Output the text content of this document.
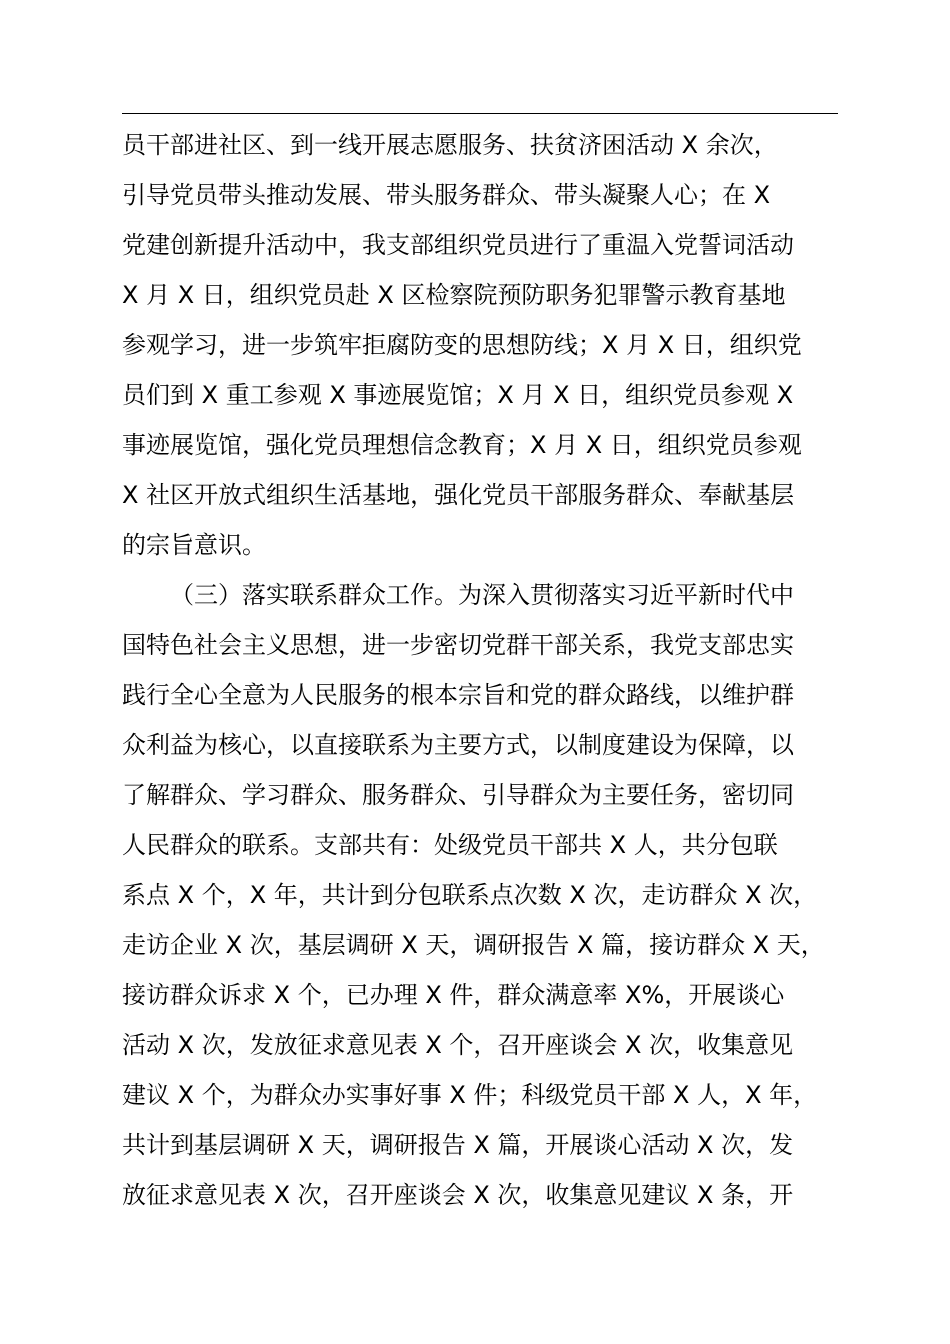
员干部进社区、到一线开展志愿服务、扶贫济困活动 X 余次，
引导党员带头推动发展、带头服务群众、带头凝聚人心；在 X
党建创新提升活动中，我支部组织党员进行了重温入党誓词活动
X 月 X 日，组织党员赴 X 区检察院预防职务犯罪警示教育基地
参观学习，进一步筑牢拒腐防变的思想防线；X 月 X 日，组织党
员们到 X 重工参观 X 事迹展览馆；X 月 X 日，组织党员参观 X
事迹展览馆，强化党员理想信念教育；X 月 X 日，组织党员参观
X 社区开放式组织生活基地，强化党员干部服务群众、奉献基层
的宗旨意识。
（三）落实联系群众工作。为深入贯彻落实习近平新时代中
国特色社会主义思想，进一步密切党群干部关系，我党支部忠实
践行全心全意为人民服务的根本宗旨和党的群众路线，以维护群
众利益为核心，以直接联系为主要方式，以制度建设为保障，以
了解群众、学习群众、服务群众、引导群众为主要任务，密切同
人民群众的联系。支部共有：处级党员干部共 X 人，共分包联
系点 X 个，X 年，共计到分包联系点次数 X 次，走访群众 X 次，
走访企业 X 次，基层调研 X 天，调研报告 X 篇，接访群众 X 天，
接访群众诉求 X 个，已办理 X 件，群众满意率 X%，开展谈心
活动 X 次，发放征求意见表 X 个，召开座谈会 X 次，收集意见
建议 X 个，为群众办实事好事 X 件；科级党员干部 X 人，X 年，
共计到基层调研 X 天，调研报告 X 篇，开展谈心活动 X 次，发
放征求意见表 X 次，召开座谈会 X 次，收集意见建议 X 条，开
